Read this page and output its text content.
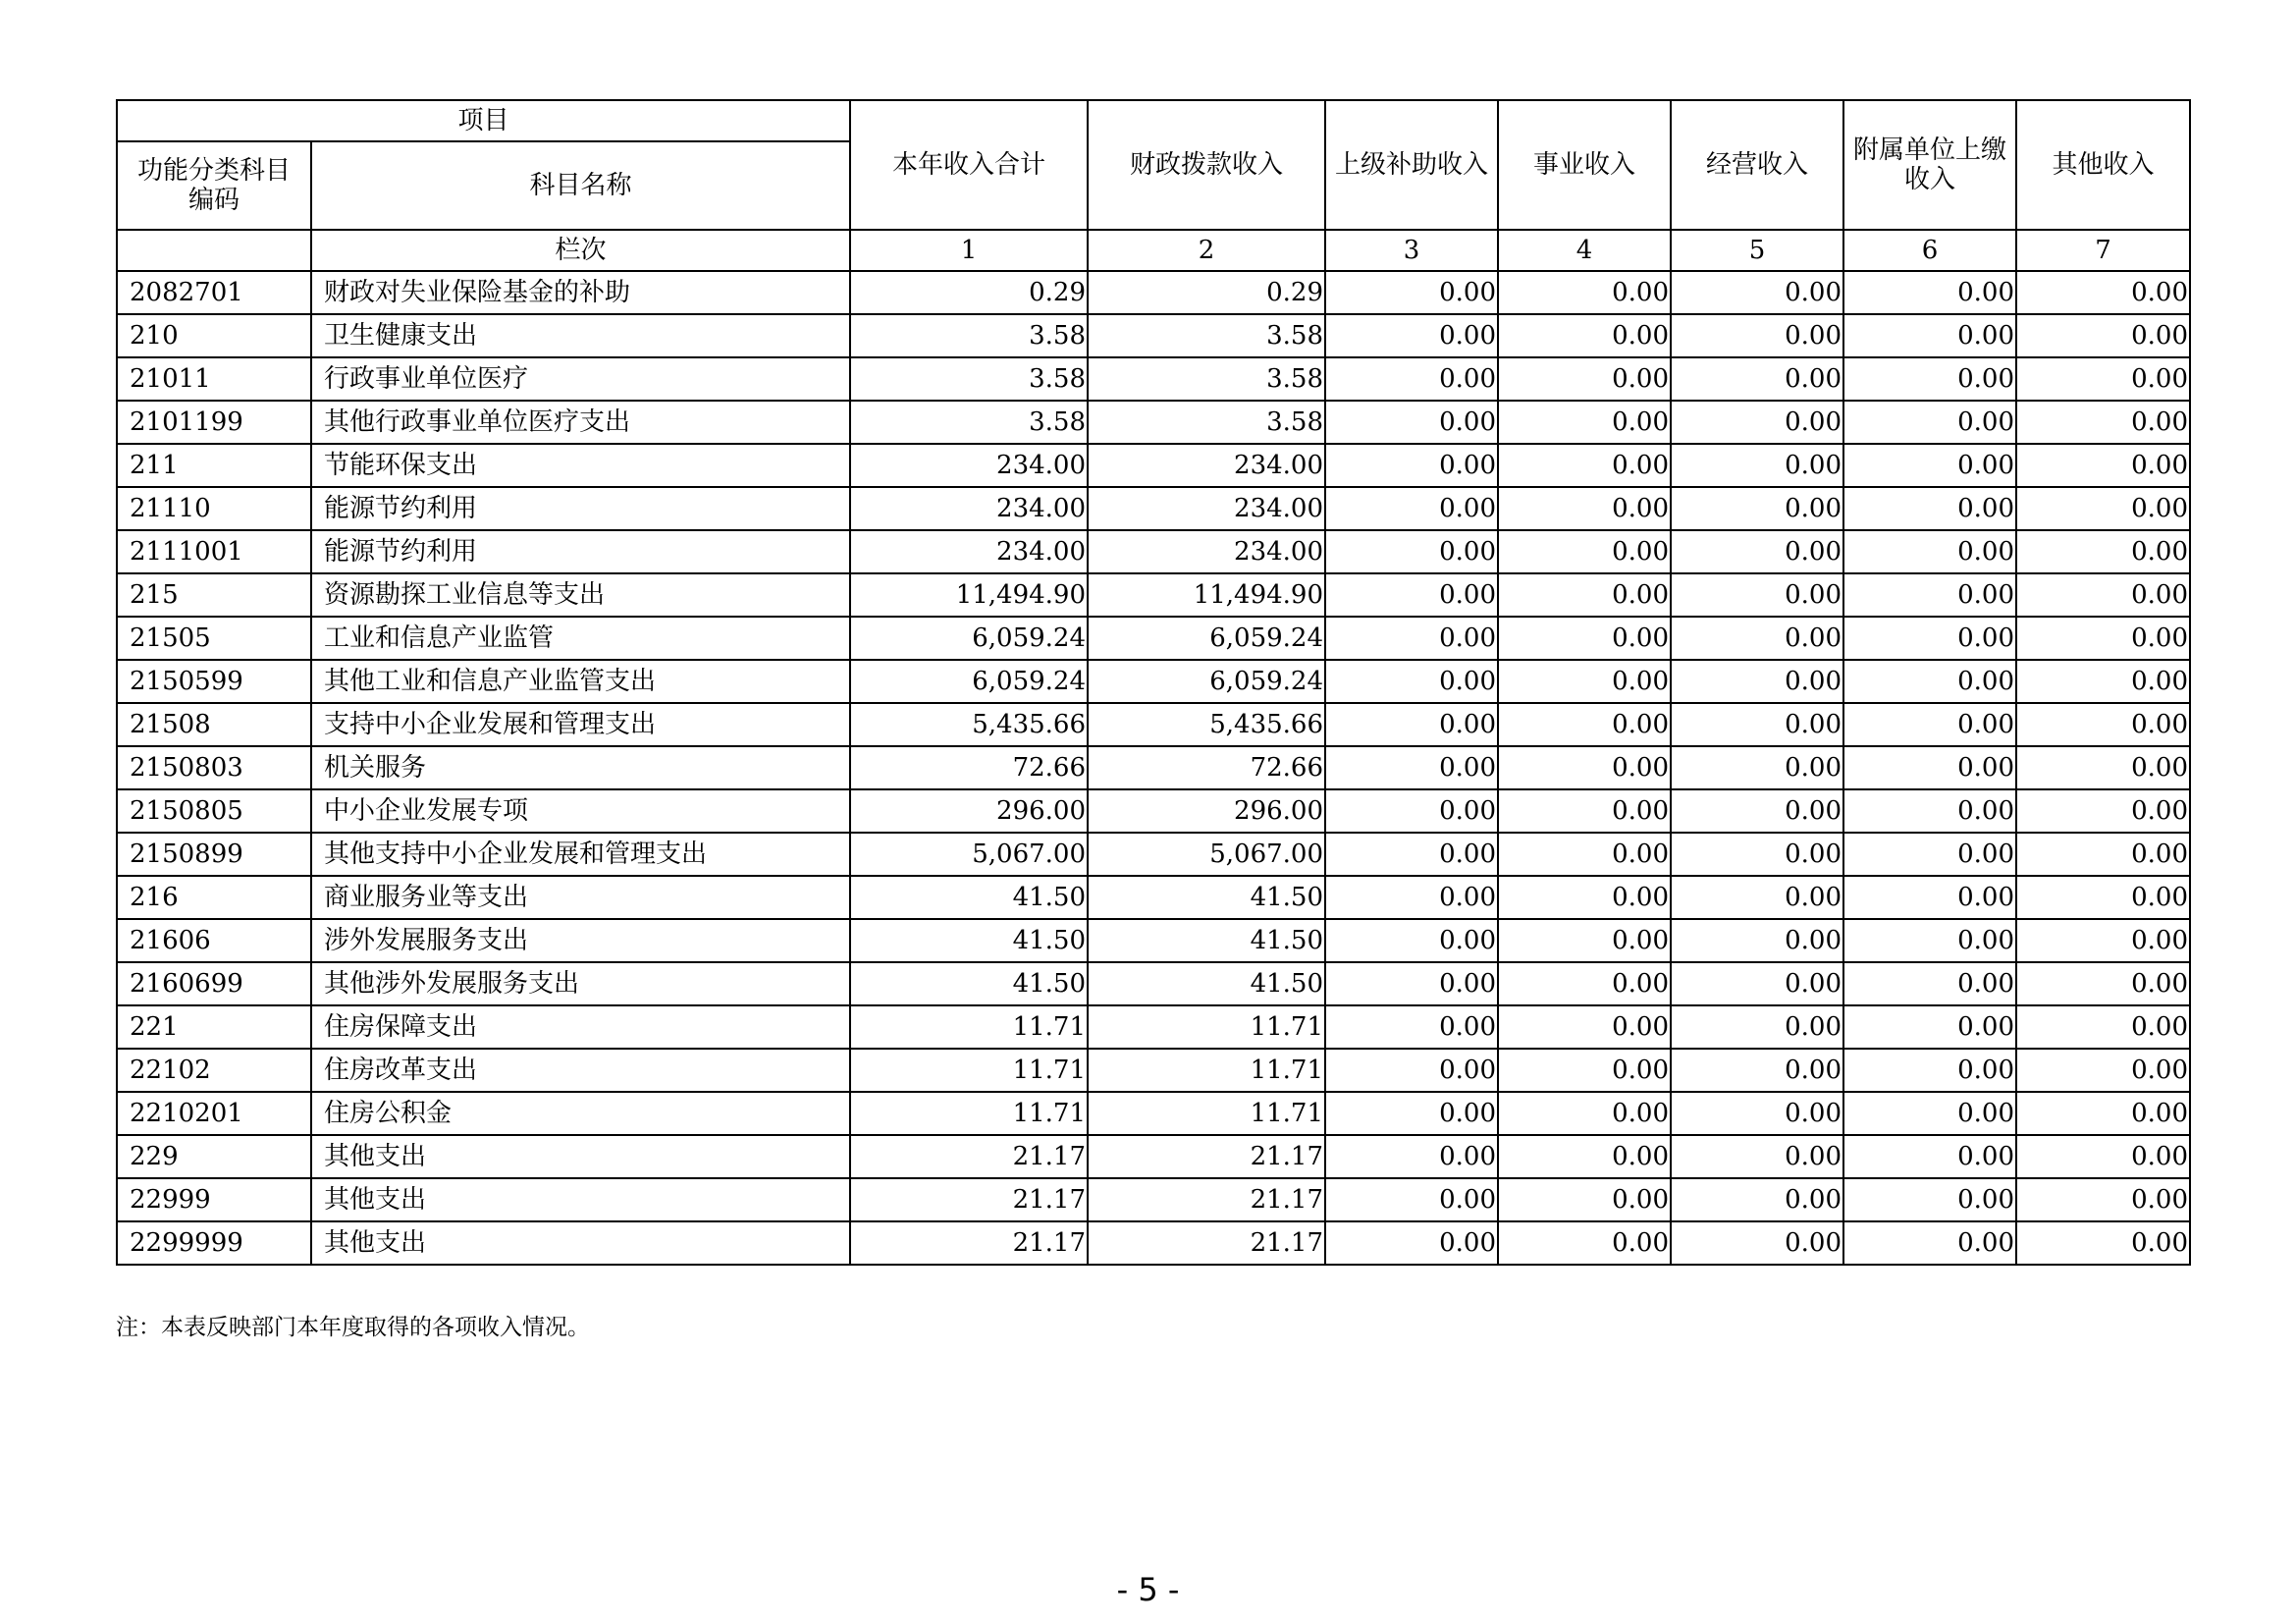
项目		本年收入合计	财政拨款收入	上级补助收入	事业收入	经营收入	附属单位上缴收入	其他收入
功能分类科目编码	科目名称							
	栏次	1	2	3	4	5	6	7
2082701	财政对失业保险基金的补助	0.29	0.29	0.00	0.00	0.00	0.00	0.00
210	卫生健康支出	3.58	3.58	0.00	0.00	0.00	0.00	0.00
21011	行政事业单位医疗	3.58	3.58	0.00	0.00	0.00	0.00	0.00
2101199	其他行政事业单位医疗支出	3.58	3.58	0.00	0.00	0.00	0.00	0.00
211	节能环保支出	234.00	234.00	0.00	0.00	0.00	0.00	0.00
21110	能源节约利用	234.00	234.00	0.00	0.00	0.00	0.00	0.00
2111001	能源节约利用	234.00	234.00	0.00	0.00	0.00	0.00	0.00
215	资源勘探工业信息等支出	11,494.90	11,494.90	0.00	0.00	0.00	0.00	0.00
21505	工业和信息产业监管	6,059.24	6,059.24	0.00	0.00	0.00	0.00	0.00
2150599	其他工业和信息产业监管支出	6,059.24	6,059.24	0.00	0.00	0.00	0.00	0.00
21508	支持中小企业发展和管理支出	5,435.66	5,435.66	0.00	0.00	0.00	0.00	0.00
2150803	机关服务	72.66	72.66	0.00	0.00	0.00	0.00	0.00
2150805	中小企业发展专项	296.00	296.00	0.00	0.00	0.00	0.00	0.00
2150899	其他支持中小企业发展和管理支出	5,067.00	5,067.00	0.00	0.00	0.00	0.00	0.00
216	商业服务业等支出	41.50	41.50	0.00	0.00	0.00	0.00	0.00
21606	涉外发展服务支出	41.50	41.50	0.00	0.00	0.00	0.00	0.00
2160699	其他涉外发展服务支出	41.50	41.50	0.00	0.00	0.00	0.00	0.00
221	住房保障支出	11.71	11.71	0.00	0.00	0.00	0.00	0.00
22102	住房改革支出	11.71	11.71	0.00	0.00	0.00	0.00	0.00
2210201	住房公积金	11.71	11.71	0.00	0.00	0.00	0.00	0.00
229	其他支出	21.17	21.17	0.00	0.00	0.00	0.00	0.00
22999	其他支出	21.17	21.17	0.00	0.00	0.00	0.00	0.00
2299999	其他支出	21.17	21.17	0.00	0.00	0.00	0.00	0.00
注：本表反映部门本年度取得的各项收入情况。
- 5 -
